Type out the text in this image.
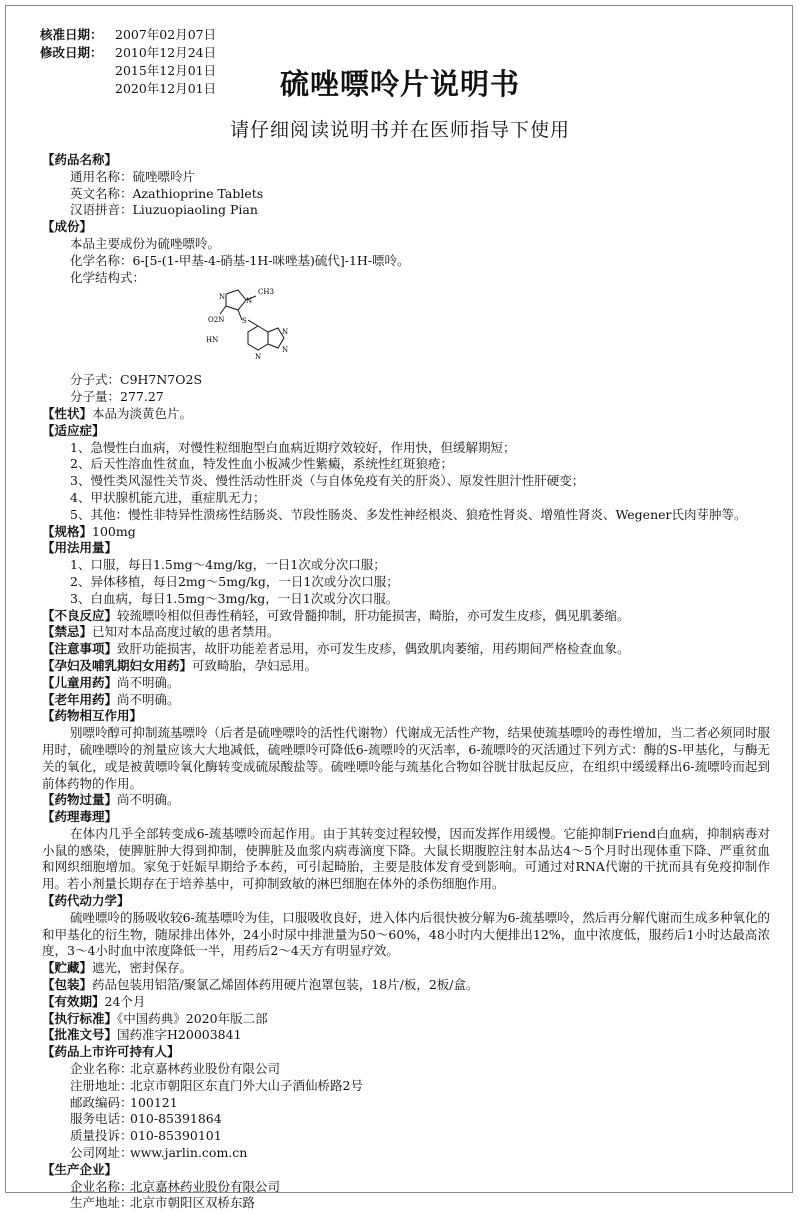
核准日期： 2007年02月07日
修改日期： 2010年12月24日
2015年12月01日
2020年12月01日	硫唑嘌呤片说明书
请仔细阅读说明书并在医师指导下使用
【药品名称】
通用名称：硫唑嘌呤片
英文名称：Azathioprine Tablets
汉语拼音：Liuzuopiaoling Pian
【成份】
本品主要成份为硫唑嘌呤。
化学名称：6-[5-(1-甲基-4-硝基-1H-咪唑基)硫代]-1H-嘌呤。
化学结构式：
CH3
N
N
S
O2N
HN
N
N
N
分子式：C9H7N7O2S
分子量：277.27
【性状】本品为淡黄色片。
【适应症】
1、急慢性白血病，对慢性粒细胞型白血病近期疗效较好，作用快，但缓解期短；
2、后天性溶血性贫血，特发性血小板减少性紫癜，系统性红斑狼疮；
3、慢性类风湿性关节炎、慢性活动性肝炎（与自体免疫有关的肝炎）、原发性胆汁性肝硬变；
4、甲状腺机能亢进，重症肌无力；
5、其他：慢性非特异性溃疡性结肠炎、节段性肠炎、多发性神经根炎、狼疮性肾炎、增殖性肾炎、Wegener氏肉芽肿等。
【规格】100mg
【用法用量】
1、口服，每日1.5mg～4mg/kg，一日1次或分次口服；
2、异体移植，每日2mg～5mg/kg，一日1次或分次口服；
3、白血病，每日1.5mg～3mg/kg，一日1次或分次口服。
【不良反应】较巯嘌呤相似但毒性稍轻，可致骨髓抑制，肝功能损害，畸胎，亦可发生皮疹，偶见肌萎缩。
【禁忌】已知对本品高度过敏的患者禁用。
【注意事项】致肝功能损害，故肝功能差者忌用，亦可发生皮疹，偶致肌肉萎缩，用药期间严格检查血象。
【孕妇及哺乳期妇女用药】可致畸胎，孕妇忌用。
【儿童用药】尚不明确。
【老年用药】尚不明确。
【药物相互作用】
别嘌呤醇可抑制巯基嘌呤（后者是硫唑嘌呤的活性代谢物）代谢成无活性产物，结果使巯基嘌呤的毒性增加，当二者必须同时服用时，硫唑嘌呤的剂量应该大大地减低，硫唑嘌呤可降低6-巯嘌呤的灭活率，6-巯嘌呤的灭活通过下列方式：酶的S-甲基化，与酶无关的氧化，或是被黄嘌呤氧化酶转变成硫尿酸盐等。硫唑嘌呤能与巯基化合物如谷胱甘肽起反应，在组织中缓缓释出6-巯嘌呤而起到前体药物的作用。
【药物过量】尚不明确。
【药理毒理】
在体内几乎全部转变成6-巯基嘌呤而起作用。由于其转变过程较慢，因而发挥作用缓慢。它能抑制Friend白血病，抑制病毒对小鼠的感染，使脾脏肿大得到抑制，使脾脏及血浆内病毒滴度下降。大鼠长期腹腔注射本品达4～5个月时出现体重下降、严重贫血和网织细胞增加。家兔于妊娠早期给予本药，可引起畸胎，主要是肢体发育受到影响。可通过对RNA代谢的干扰而具有免疫抑制作用。若小剂量长期存在于培养基中，可抑制致敏的淋巴细胞在体外的杀伤细胞作用。
【药代动力学】
硫唑嘌呤的肠吸收较6-巯基嘌呤为佳，口服吸收良好，进入体内后很快被分解为6-巯基嘌呤，然后再分解代谢而生成多种氧化的和甲基化的衍生物，随尿排出体外，24小时尿中排泄量为50～60%，48小时内大便排出12%，血中浓度低，服药后1小时达最高浓度，3～4小时血中浓度降低一半，用药后2～4天方有明显疗效。
【贮藏】遮光，密封保存。
【包装】药品包装用铝箔/聚氯乙烯固体药用硬片泡罩包装，18片/板，2板/盒。
【有效期】24个月
【执行标准】《中国药典》2020年版二部
【批准文号】国药准字H20003841
【药品上市许可持有人】
企业名称：北京嘉林药业股份有限公司
注册地址：北京市朝阳区东直门外大山子酒仙桥路2号
邮政编码：100121
服务电话：010-85391864
质量投诉：010-85390101
公司网址：www.jarlin.com.cn
【生产企业】
企业名称：北京嘉林药业股份有限公司
生产地址：北京市朝阳区双桥东路
